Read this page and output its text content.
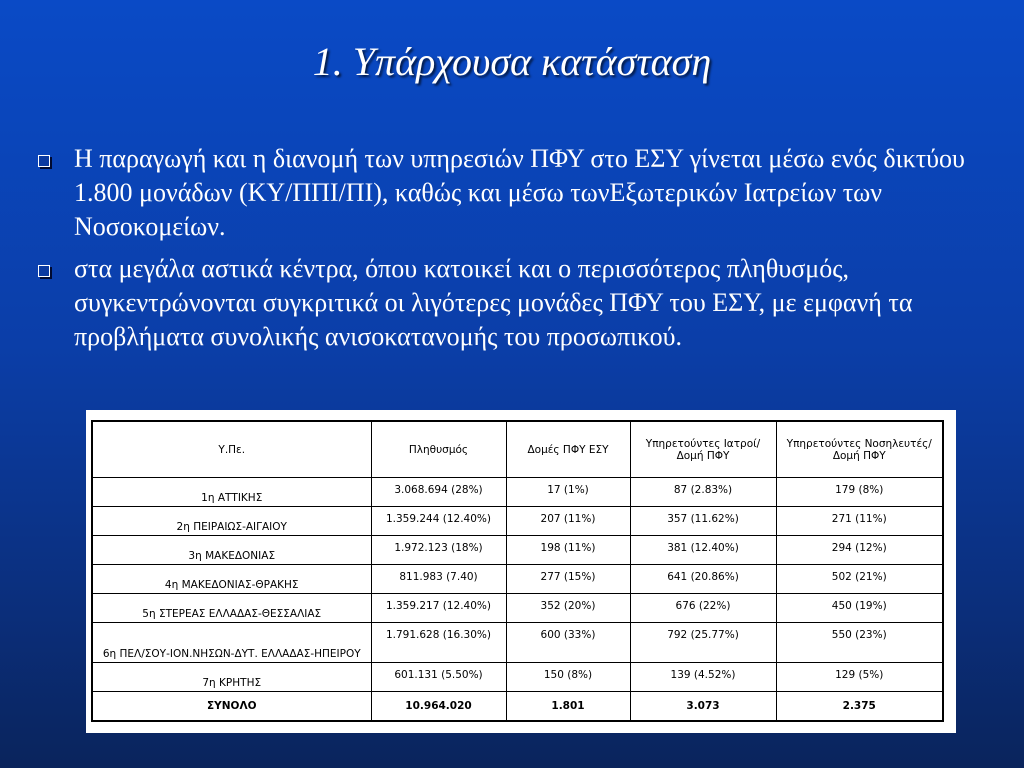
1. Υπάρχουσα κατάσταση
Η παραγωγή και η διανομή των υπηρεσιών ΠΦΥ στο ΕΣΥ γίνεται μέσω ενός δικτύου 1.800 μονάδων (ΚΥ/ΠΠΙ/ΠΙ), καθώς και μέσω τωνΕξωτερικών Ιατρείων των Νοσοκομείων.
στα μεγάλα αστικά κέντρα, όπου κατοικεί και ο περισσότερος πληθυσμός, συγκεντρώνονται συγκριτικά οι λιγότερες μονάδες ΠΦΥ του ΕΣΥ, με εμφανή τα προβλήματα συνολικής ανισοκατανομής του προσωπικού.
Υ.Πε.	Πληθυσμός	Δομές ΠΦΥ ΕΣΥ	Υπηρετούντες Ιατροί/Δομή ΠΦΥ	Υπηρετούντες Νοσηλευτές/Δομή ΠΦΥ
1η ΑΤΤΙΚΗΣ	3.068.694 (28%)	17 (1%)	87 (2.83%)	179 (8%)
2η ΠΕΙΡΑΙΩΣ-ΑΙΓΑΙΟΥ	1.359.244 (12.40%)	207 (11%)	357 (11.62%)	271 (11%)
3η ΜΑΚΕΔΟΝΙΑΣ	1.972.123 (18%)	198 (11%)	381 (12.40%)	294 (12%)
4η ΜΑΚΕΔΟΝΙΑΣ-ΘΡΑΚΗΣ	811.983 (7.40)	277 (15%)	641 (20.86%)	502 (21%)
5η ΣΤΕΡΕΑΣ ΕΛΛΑΔΑΣ-ΘΕΣΣΑΛΙΑΣ	1.359.217 (12.40%)	352 (20%)	676 (22%)	450 (19%)
6η ΠΕΛ/ΣΟΥ-ΙΟΝ.ΝΗΣΩΝ-ΔΥΤ. ΕΛΛΑΔΑΣ-ΗΠΕΙΡΟΥ	1.791.628 (16.30%)	600 (33%)	792 (25.77%)	550 (23%)
7η ΚΡΗΤΗΣ	601.131 (5.50%)	150 (8%)	139 (4.52%)	129 (5%)
ΣΥΝΟΛΟ	10.964.020	1.801	3.073	2.375
